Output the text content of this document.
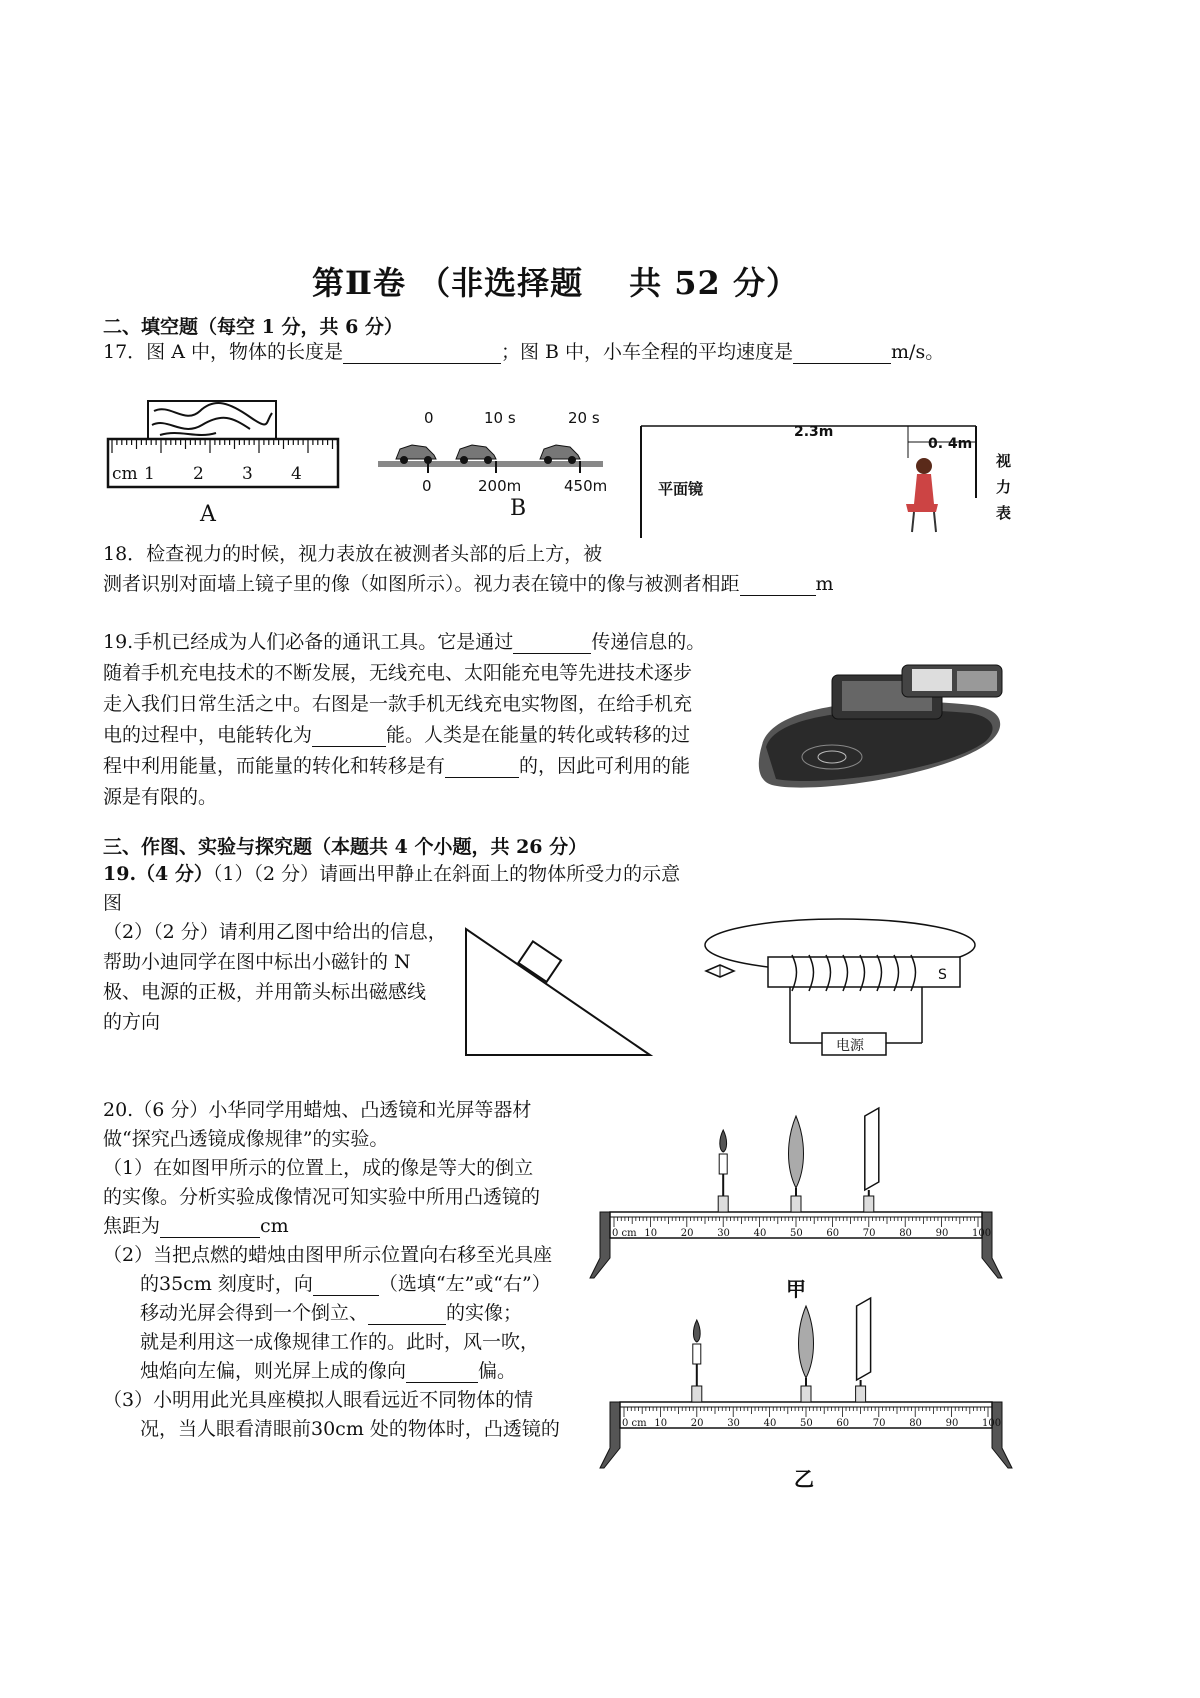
第Ⅱ卷 （非选择题 共 52 分）
二、填空题（每空 1 分，共 6 分）
17．图 A 中，物体的长度是	；图 B 中，小车全程的平均速度是	m/s。
cm 1 2 3 4
A
0	10 s	20 s
0	200m	450m
B
2.3m
0. 4m
平面镜
视
力
表
18．检查视力的时候，视力表放在被测者头部的后上方，被
测者识别对面墙上镜子里的像（如图所示）。视力表在镜中的像与被测者相距	m
19.手机已经成为人们必备的通讯工具。它是通过	传递信息的。
随着手机充电技术的不断发展，无线充电、太阳能充电等先进技术逐步
走入我们日常生活之中。右图是一款手机无线充电实物图，在给手机充
电的过程中，电能转化为	能。人类是在能量的转化或转移的过
程中利用能量，而能量的转化和转移是有	的，因此可利用的能
源是有限的。
三、作图、实验与探究题（本题共 4 个小题，共 26 分）
19.（4 分）（1）（2 分）请画出甲静止在斜面上的物体所受力的示意
图
（2）（2 分）请利用乙图中给出的信息，
帮助小迪同学在图中标出小磁针的 N
极、电源的正极，并用箭头标出磁感线
的方向
S
电源
20.（6 分）小华同学用蜡烛、凸透镜和光屏等器材
做“探究凸透镜成像规律”的实验。
（1）在如图甲所示的位置上，成的像是等大的倒立
的实像。分析实验成像情况可知实验中所用凸透镜的
焦距为	cm
（2）当把点燃的蜡烛由图甲所示位置向右移至光具座
的35cm 刻度时，向	（选填“左”或“右”）
移动光屏会得到一个倒立、	的实像；
就是利用这一成像规律工作的。此时，风一吹，
烛焰向左偏，则光屏上成的像向	偏。
（3）小明用此光具座模拟人眼看远近不同物体的情
况，当人眼看清眼前30cm 处的物体时，凸透镜的
0 cm 10 20 30 40 50 60 70 80 90 100
甲
0 cm 10 20 30 40 50 60 70 80 90 100
乙
